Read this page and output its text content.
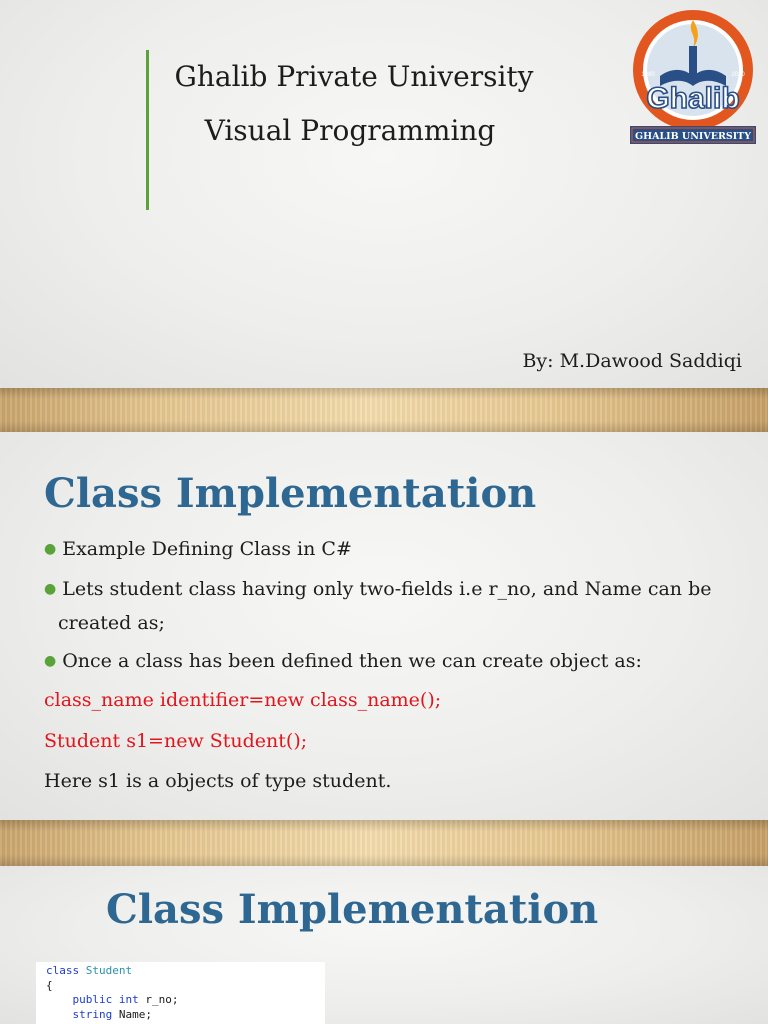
Ghalib Private University
Visual Programming
By: M.Dawood Saddiqi
Ghalib
1380	2010
GHALIB UNIVERSITY
Class Implementation
● Example Defining Class in C#
● Lets student class having only two-fields i.e r_no, and Name can be
created as;
● Once a class has been defined then we can create object as:
class_name identifier=new class_name();
Student s1=new Student();
Here s1 is a objects of type student.
Class Implementation
class Student
{
public int r_no;
string Name;
